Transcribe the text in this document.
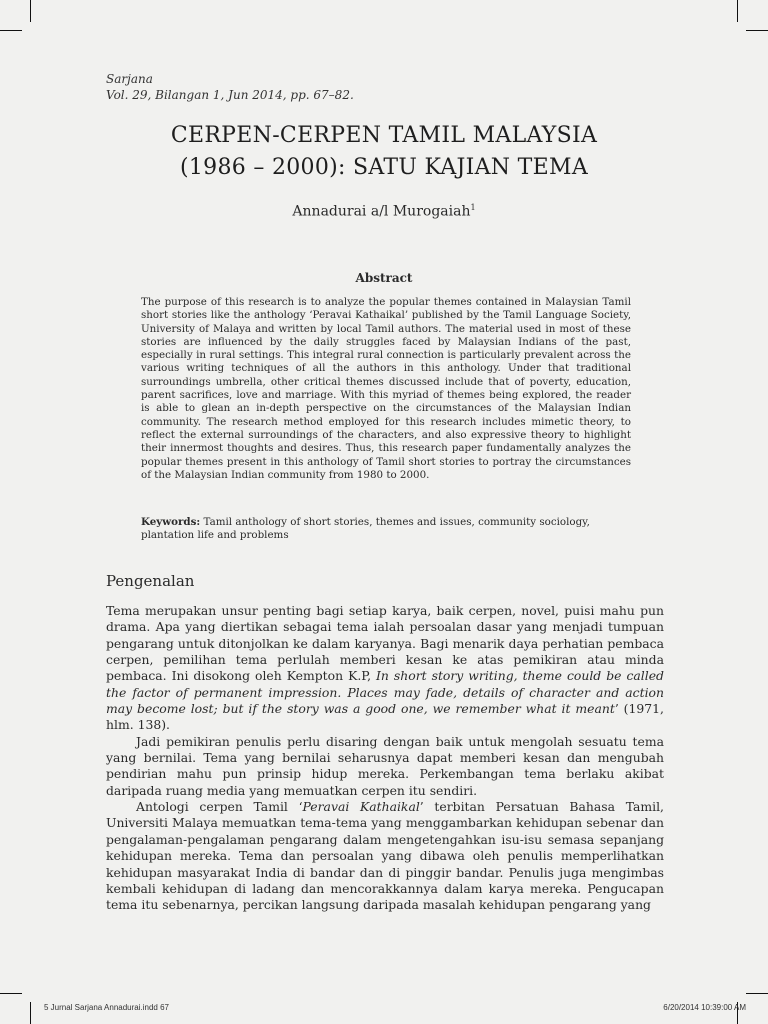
Sarjana
Vol. 29, Bilangan 1, Jun 2014, pp. 67–82.
CERPEN-CERPEN TAMIL MALAYSIA
(1986 – 2000): SATU KAJIAN TEMA
Annadurai a/l Murogaiah$^1$
Abstract
The purpose of this research is to analyze the popular themes contained in Malaysian Tamil short stories like the anthology ‘Peravai Kathaikal’ published by the Tamil Language Society, University of Malaya and written by local Tamil authors. The material used in most of these stories are influenced by the daily struggles faced by Malaysian Indians of the past, especially in rural settings. This integral rural connection is particularly prevalent across the various writing techniques of all the authors in this anthology. Under that traditional surroundings umbrella, other critical themes discussed include that of poverty, education, parent sacrifices, love and marriage. With this myriad of themes being explored, the reader is able to glean an in-depth perspective on the circumstances of the Malaysian Indian community. The research method employed for this research includes mimetic theory, to reflect the external surroundings of the characters, and also expressive theory to highlight their innermost thoughts and desires. Thus, this research paper fundamentally analyzes the popular themes present in this anthology of Tamil short stories to portray the circumstances of the Malaysian Indian community from 1980 to 2000.
Keywords: Tamil anthology of short stories, themes and issues, community sociology, plantation life and problems
Pengenalan

Tema merupakan unsur penting bagi setiap karya, baik cerpen, novel, puisi mahu pun drama. Apa yang diertikan sebagai tema ialah persoalan dasar yang menjadi tumpuan pengarang untuk ditonjolkan ke dalam karyanya. Bagi menarik daya perhatian pembaca cerpen, pemilihan tema perlulah memberi kesan ke atas pemikiran atau minda pembaca. Ini disokong oleh Kempton K.P, In short story writing, theme could be called the factor of permanent impression. Places may fade, details of character and action may become lost; but if the story was a good one, we remember what it meant’ (1971, hlm. 138).

Jadi pemikiran penulis perlu disaring dengan baik untuk mengolah sesuatu tema yang bernilai. Tema yang bernilai seharusnya dapat memberi kesan dan mengubah pendirian mahu pun prinsip hidup mereka. Perkembangan tema berlaku akibat daripada ruang media yang memuatkan cerpen itu sendiri.

Antologi cerpen Tamil ‘Peravai Kathaikal’ terbitan Persatuan Bahasa Tamil, Universiti Malaya memuatkan tema-tema yang menggambarkan kehidupan sebenar dan pengalaman-pengalaman pengarang dalam mengetengahkan isu-isu semasa sepanjang kehidupan mereka. Tema dan persoalan yang dibawa oleh penulis memperlihatkan kehidupan masyarakat India di bandar dan di pinggir bandar. Penulis juga mengimbas kembali kehidupan di ladang dan mencorakkannya dalam karya mereka. Pengucapan tema itu sebenarnya, percikan langsung daripada masalah kehidupan pengarang yang

5 Jurnal Sarjana Annadurai.indd 67	6/20/2014 10:39:00 AM
